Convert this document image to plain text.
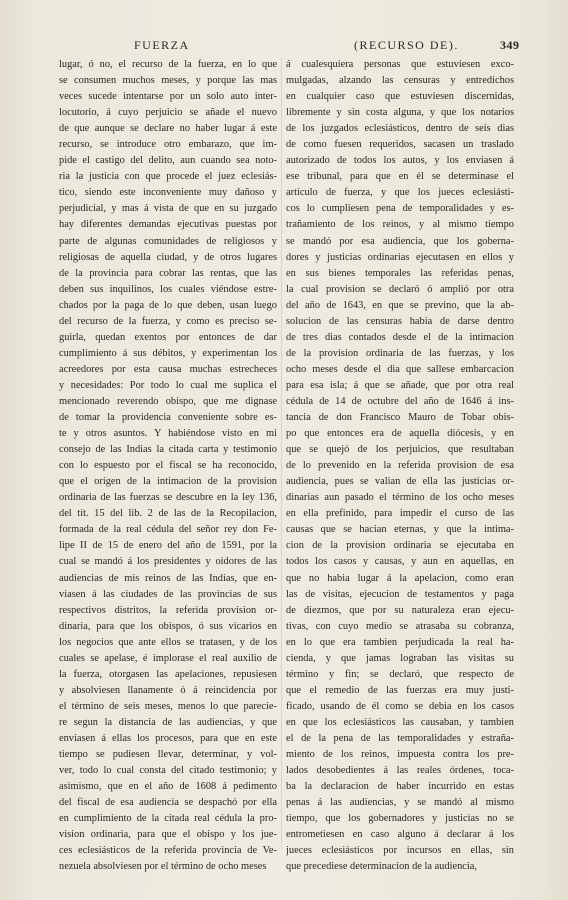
FUERZA	(RECURSO DE).	349
lugar, ó no, el recurso de la fuerza, en lo que
se consumen muchos meses, y porque las mas
veces sucede intentarse por un solo auto inter-
locutorio, á cuyo perjuicio se añade el nuevo
de que aunque se declare no haber lugar á este
recurso, se introduce otro embarazo, que im-
pide el castigo del delito, aun cuando sea noto-
ria la justicia con que procede el juez eclesiás-
tico, siendo este inconveniente muy dañoso y
perjudicial, y mas á vista de que en su juzgado
hay diferentes demandas ejecutivas puestas por
parte de algunas comunidades de religiosos y
religiosas de aquella ciudad, y de otros lugares
de la provincia para cobrar las rentas, que las
deben sus inquilinos, los cuales viéndose estre-
chados por la paga de lo que deben, usan luego
del recurso de la fuerza, y como es preciso se-
guirla, quedan exentos por entonces de dar
cumplimiento á sus débitos, y experimentan los
acreedores por esta causa muchas estrecheces
y necesidades: Por todo lo cual me suplica el
mencionado reverendo obispo, que me dignase
de tomar la providencia conveniente sobre es-
te y otros asuntos. Y habiéndose visto en mi
consejo de las Indias la citada carta y testimonio
con lo espuesto por el fiscal se ha reconocido,
que el orígen de la intimacion de la provision
ordinaria de las fuerzas se descubre en la ley 136,
del tít. 15 del lib. 2 de las de la Recopilacion,
formada de la real cédula del señor rey don Fe-
lipe II de 15 de enero del año de 1591, por la
cual se mandó á los presidentes y oidores de las
audiencias de mis reinos de las Indias, que en-
viasen á las ciudades de las provincias de sus
respectivos distritos, la referida provision or-
dinaria, para que los obispos, ó sus vicarios en
los negocios que ante ellos se tratasen, y de los
cuales se apelase, é implorase el real auxilio de
la fuerza, otorgasen las apelaciones, repusiesen
y absolviesen llanamente ó á reincidencia por
el término de seis meses, menos lo que parecie-
re segun la distancia de las audiencias, y que
enviasen á ellas los procesos, para que en este
tiempo se pudiesen llevar, determinar, y vol-
ver, todo lo cual consta del citado testimonio; y
asimismo, que en el año de 1608 á pedimento
del fiscal de esa audiencia se despachó por ella
en cumplimiento de la citada real cédula la pro-
vision ordinaria, para que el obispo y los jue-
ces eclesiásticos de la referida provincia de Ve-
nezuela absolviesen por el término de ocho meses
á cualesquiera personas que estuviesen exco-
mulgadas, alzando las censuras y entredichos
en cualquier caso que estuviesen discernidas,
libremente y sin costa alguna, y que los notarios
de los juzgados eclesiásticos, dentro de seis dias
de como fuesen requeridos, sacasen un traslado
autorizado de todos los autos, y los enviasen á
ese tribunal, para que en él se determinase el
artículo de fuerza, y que los jueces eclesiásti-
cos lo cumpliesen pena de temporalidades y es-
trañamiento de los reinos, y al mismo tiempo
se mandó por esa audiencia, que los goberna-
dores y justicias ordinarias ejecutasen en ellos y
en sus bienes temporales las referidas penas,
la cual provision se declaró ó amplió por otra
del año de 1643, en que se previno, que la ab-
solucion de las censuras habia de darse dentro
de tres dias contados desde el de la intimacion
de la provision ordinaria de las fuerzas, y los
ocho meses desde el dia que sallese embarcacion
para esa isla; á que se añade, que por otra real
cédula de 14 de octubre del año de 1646 á ins-
tancia de don Francisco Mauro de Tobar obis-
po que entonces era de aquella diócesis, y en
que se quejó de los perjuicios, que resultaban
de lo prevenido en la referida provision de esa
audiencia, pues se valian de ella las justicias or-
dinarias aun pasado el término de los ocho meses
en ella prefinido, para impedir el curso de las
causas que se hacian eternas, y que la intima-
cion de la provision ordinaria se ejecutaba en
todos los casos y causas, y aun en aquellas, en
que no habia lugar á la apelacion, como eran
las de visitas, ejecucion de testamentos y paga
de diezmos, que por su naturaleza eran ejecu-
tivas, con cuyo medio se atrasaba su cobranza,
en lo que era tambien perjudicada la real ha-
cienda, y que jamas lograban las visitas su
término y fin; se declaró, que respecto de
que el remedio de las fuerzas era muy justi-
ficado, usando de él como se debia en los casos
en que los eclesiásticos las causaban, y tambien
el de la pena de las temporalidades y estraña-
miento de los reinos, impuesta contra los pre-
lados desobedientes á las reales órdenes, toca-
ba la declaracion de haber incurrido en estas
penas á las audiencias, y se mandó al mismo
tiempo, que los gobernadores y justicias no se
entrometiesen en caso alguno á declarar á los
jueces eclesiásticos por incursos en ellas, sin
que precediese determinacion de la audiencia,
